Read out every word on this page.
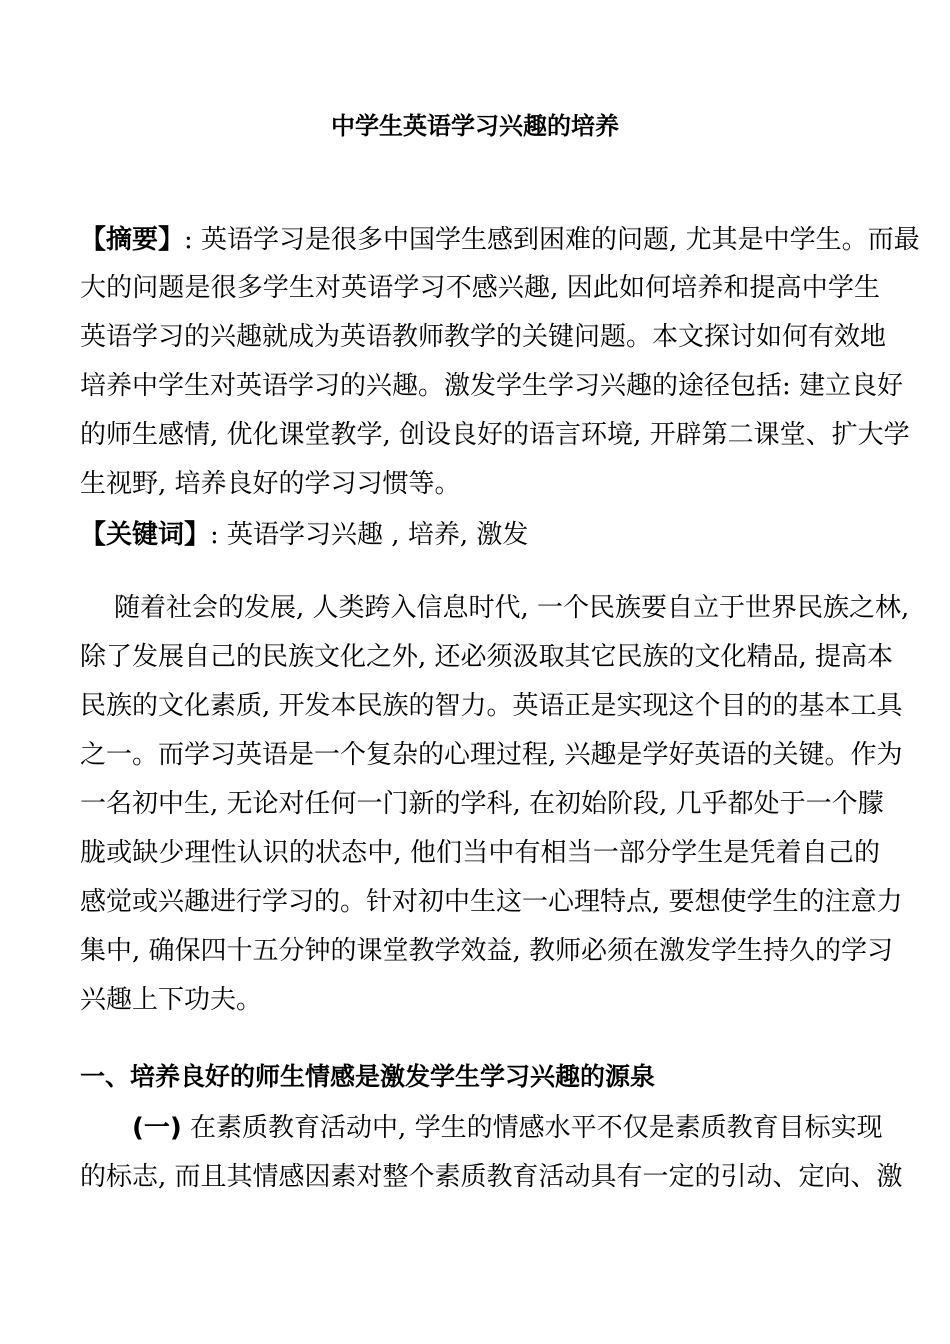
中学生英语学习兴趣的培养

【摘要】: 英语学习是很多中国学生感到困难的问题, 尤其是中学生。而最

大的问题是很多学生对英语学习不感兴趣, 因此如何培养和提高中学生

英语学习的兴趣就成为英语教师教学的关键问题。本文探讨如何有效地

培养中学生对英语学习的兴趣。激发学生学习兴趣的途径包括: 建立良好

的师生感情, 优化课堂教学, 创设良好的语言环境, 开辟第二课堂、扩大学

生视野, 培养良好的学习习惯等。

【关键词】: 英语学习兴趣 , 培养, 激发

随着社会的发展, 人类跨入信息时代, 一个民族要自立于世界民族之林,

除了发展自己的民族文化之外, 还必须汲取其它民族的文化精品, 提高本

民族的文化素质, 开发本民族的智力。英语正是实现这个目的的基本工具

之一。而学习英语是一个复杂的心理过程, 兴趣是学好英语的关键。作为

一名初中生, 无论对任何一门新的学科, 在初始阶段, 几乎都处于一个朦

胧或缺少理性认识的状态中, 他们当中有相当一部分学生是凭着自己的

感觉或兴趣进行学习的。针对初中生这一心理特点, 要想使学生的注意力

集中, 确保四十五分钟的课堂教学效益, 教师必须在激发学生持久的学习

兴趣上下功夫。

一、培养良好的师生情感是激发学生学习兴趣的源泉

(一) 在素质教育活动中, 学生的情感水平不仅是素质教育目标实现

的标志, 而且其情感因素对整个素质教育活动具有一定的引动、定向、激
